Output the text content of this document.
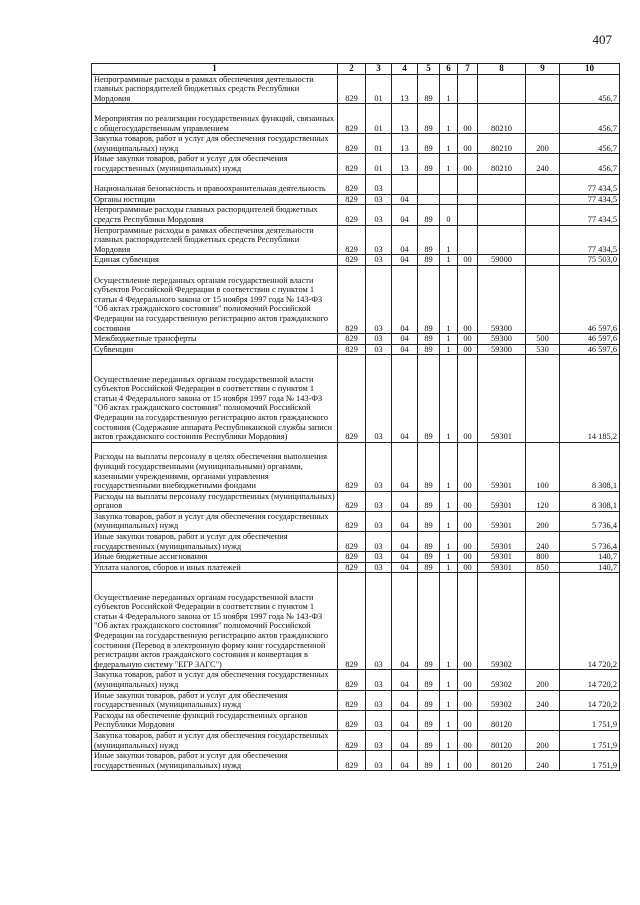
407
1	2	3	4	5	6	7	8	9	10
Непрограммные расходы в рамках обеспечения деятельности главных распорядителей бюджетных средств Республики Мордовия	829	01	13	89	1				456,7
Мероприятия по реализации государственных функций, связанных с общегосударственным управлением	829	01	13	89	1	00	80210		456,7
Закупка товаров, работ и услуг для обеспечения государственных (муниципальных) нужд	829	01	13	89	1	00	80210	200	456,7
Иные закупки товаров, работ и услуг для обеспечения государственных (муниципальных) нужд	829	01	13	89	1	00	80210	240	456,7
Национальная безопасность и правоохранительная деятельность	829	03							77 434,5
Органы юстиции	829	03	04						77 434,5
Непрограммные расходы главных распорядителей бюджетных средств Республики Мордовия	829	03	04	89	0				77 434,5
Непрограммные расходы в рамках обеспечения деятельности главных распорядителей бюджетных средств Республики Мордовия	829	03	04	89	1				77 434,5
Единая субвенция	829	03	04	89	1	00	59000		75 503,0
Осуществление переданных органам государственной власти субъектов Российской Федерации в соответствии с пунктом 1 статьи 4 Федерального закона от 15 ноября 1997 года № 143-ФЗ "Об актах гражданского состояния" полномочий Российской Федерации на государственную регистрацию актов гражданского состояния	829	03	04	89	1	00	59300		46 597,6
Межбюджетные трансферты	829	03	04	89	1	00	59300	500	46 597,6
Субвенции	829	03	04	89	1	00	59300	530	46 597,6
Осуществление переданных органам государственной власти субъектов Российской Федерации в соответствии с пунктом 1 статьи 4 Федерального закона от 15 ноября 1997 года № 143-ФЗ "Об актах гражданского состояния" полномочий Российской Федерации на государственную регистрацию актов гражданского состояния (Содержание аппарата Республиканской службы записи актов гражданского состояния Республики Мордовия)	829	03	04	89	1	00	59301		14 185,2
Расходы на выплаты персоналу в целях обеспечения выполнения функций государственными (муниципальными) органами, казенными учреждениями, органами управления государственными внебюджетными фондами	829	03	04	89	1	00	59301	100	8 308,1
Расходы на выплаты персоналу государственных (муниципальных) органов	829	03	04	89	1	00	59301	120	8 308,1
Закупка товаров, работ и услуг для обеспечения государственных (муниципальных) нужд	829	03	04	89	1	00	59301	200	5 736,4
Иные закупки товаров, работ и услуг для обеспечения государственных (муниципальных) нужд	829	03	04	89	1	00	59301	240	5 736,4
Иные бюджетные ассигнования	829	03	04	89	1	00	59301	800	140,7
Уплата налогов, сборов и иных платежей	829	03	04	89	1	00	59301	850	140,7
Осуществление переданных органам государственной власти субъектов Российской Федерации в соответствии с пунктом 1 статьи 4 Федерального закона от 15 ноября 1997 года № 143-ФЗ "Об актах гражданского состояния" полномочий Российской Федерации на государственную регистрацию актов гражданского состояния (Перевод в электронную форму книг государственной регистрации актов гражданского состояния и конвертация в федеральную систему "ЕГР ЗАГС")	829	03	04	89	1	00	59302		14 720,2
Закупка товаров, работ и услуг для обеспечения государственных (муниципальных) нужд	829	03	04	89	1	00	59302	200	14 720,2
Иные закупки товаров, работ и услуг для обеспечения государственных (муниципальных) нужд	829	03	04	89	1	00	59302	240	14 720,2
Расходы на обеспечение функций государственных органов Республики Мордовия	829	03	04	89	1	00	80120		1 751,9
Закупка товаров, работ и услуг для обеспечения государственных (муниципальных) нужд	829	03	04	89	1	00	80120	200	1 751,9
Иные закупки товаров, работ и услуг для обеспечения государственных (муниципальных) нужд	829	03	04	89	1	00	80120	240	1 751,9
